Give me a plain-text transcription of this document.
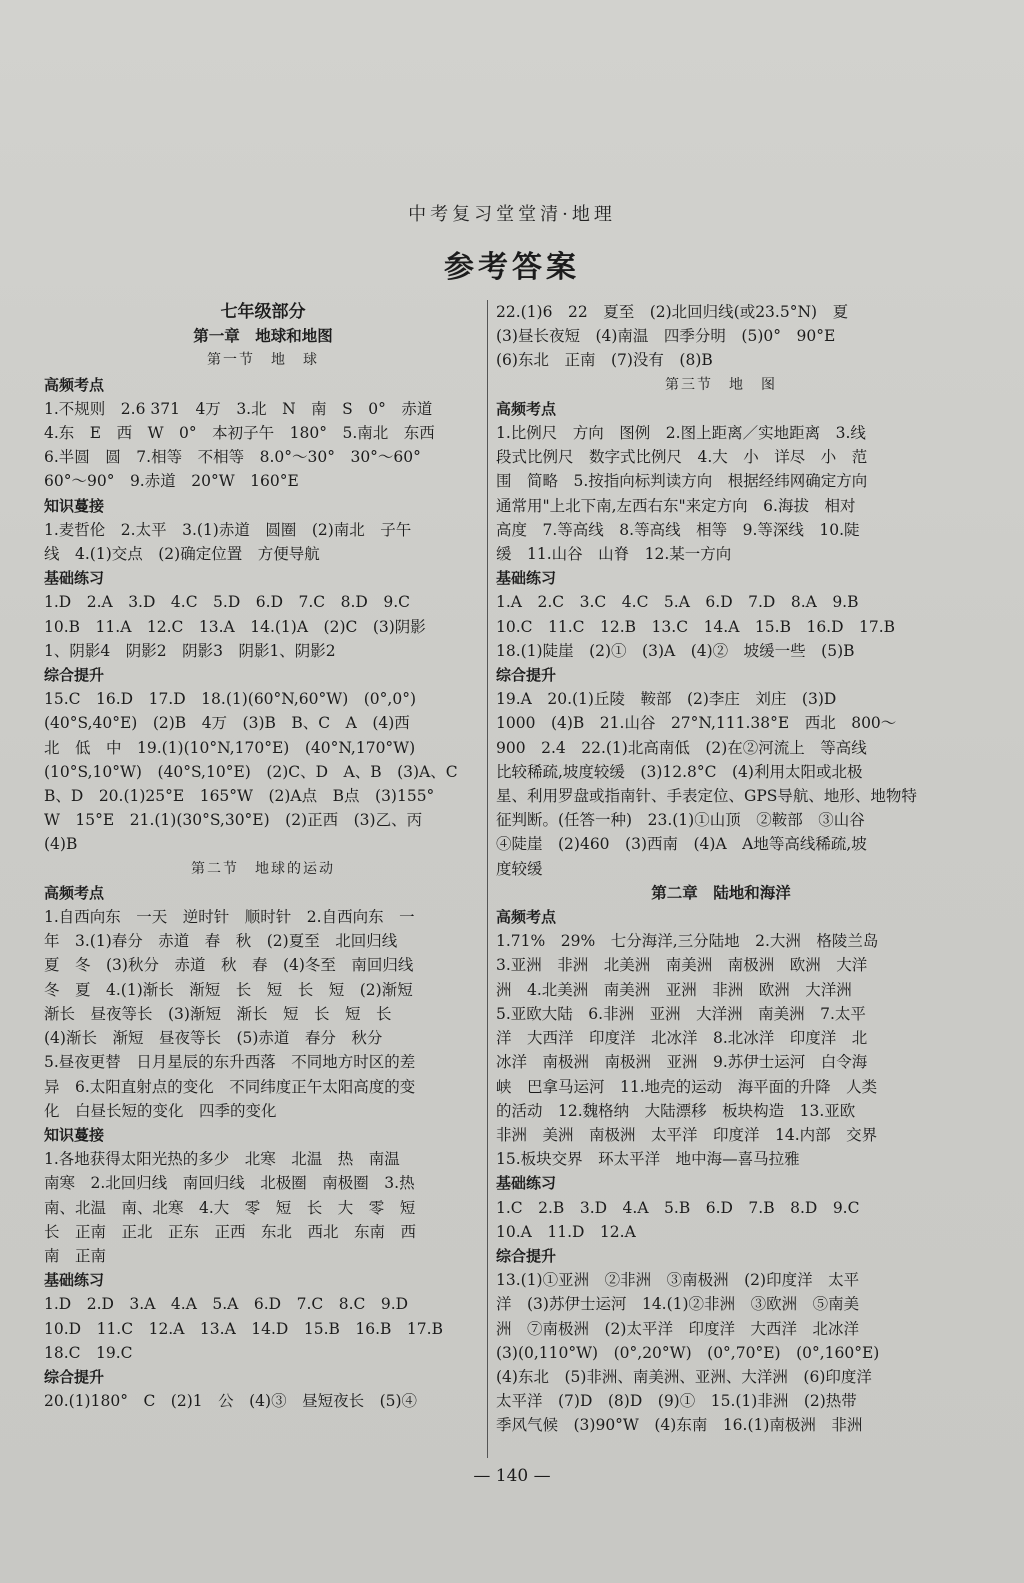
中考复习堂堂清·地理
参考答案

七年级部分

第一章　地球和地图

第一节　地　球

高频考点

1.不规则　2.6 371　4万　3.北　N　南　S　0°　赤道

4.东　E　西　W　0°　本初子午　180°　5.南北　东西

6.半圆　圆　7.相等　不相等　8.0°～30°　30°～60°

60°～90°　9.赤道　20°W　160°E

知识蔓接

1.麦哲伦　2.太平　3.(1)赤道　圆圈　(2)南北　子午

线　4.(1)交点　(2)确定位置　方便导航

基础练习

1.D　2.A　3.D　4.C　5.D　6.D　7.C　8.D　9.C

10.B　11.A　12.C　13.A　14.(1)A　(2)C　(3)阴影

1、阴影4　阴影2　阴影3　阴影1、阴影2

综合提升

15.C　16.D　17.D　18.(1)(60°N,60°W)　(0°,0°)

(40°S,40°E)　(2)B　4万　(3)B　B、C　A　(4)西

北　低　中　19.(1)(10°N,170°E)　(40°N,170°W)

(10°S,10°W)　(40°S,10°E)　(2)C、D　A、B　(3)A、C

B、D　20.(1)25°E　165°W　(2)A点　B点　(3)155°

W　15°E　21.(1)(30°S,30°E)　(2)正西　(3)乙、丙

(4)B

第二节　地球的运动

高频考点

1.自西向东　一天　逆时针　顺时针　2.自西向东　一

年　3.(1)春分　赤道　春　秋　(2)夏至　北回归线

夏　冬　(3)秋分　赤道　秋　春　(4)冬至　南回归线

冬　夏　4.(1)渐长　渐短　长　短　长　短　(2)渐短

渐长　昼夜等长　(3)渐短　渐长　短　长　短　长

(4)渐长　渐短　昼夜等长　(5)赤道　春分　秋分

5.昼夜更替　日月星辰的东升西落　不同地方时区的差

异　6.太阳直射点的变化　不同纬度正午太阳高度的变

化　白昼长短的变化　四季的变化

知识蔓接

1.各地获得太阳光热的多少　北寒　北温　热　南温

南寒　2.北回归线　南回归线　北极圈　南极圈　3.热

南、北温　南、北寒　4.大　零　短　长　大　零　短

长　正南　正北　正东　正西　东北　西北　东南　西

南　正南

基础练习

1.D　2.D　3.A　4.A　5.A　6.D　7.C　8.C　9.D

10.D　11.C　12.A　13.A　14.D　15.B　16.B　17.B

18.C　19.C

综合提升

20.(1)180°　C　(2)1　公　(4)③　昼短夜长　(5)④

22.(1)6　22　夏至　(2)北回归线(或23.5°N)　夏

(3)昼长夜短　(4)南温　四季分明　(5)0°　90°E

(6)东北　正南　(7)没有　(8)B

第三节　地　图

高频考点

1.比例尺　方向　图例　2.图上距离／实地距离　3.线

段式比例尺　数字式比例尺　4.大　小　详尽　小　范

围　简略　5.按指向标判读方向　根据经纬网确定方向

通常用"上北下南,左西右东"来定方向　6.海拔　相对

高度　7.等高线　8.等高线　相等　9.等深线　10.陡

缓　11.山谷　山脊　12.某一方向

基础练习

1.A　2.C　3.C　4.C　5.A　6.D　7.D　8.A　9.B

10.C　11.C　12.B　13.C　14.A　15.B　16.D　17.B

18.(1)陡崖　(2)①　(3)A　(4)②　坡缓一些　(5)B

综合提升

19.A　20.(1)丘陵　鞍部　(2)李庄　刘庄　(3)D

1000　(4)B　21.山谷　27°N,111.38°E　西北　800～

900　2.4　22.(1)北高南低　(2)在②河流上　等高线

比较稀疏,坡度较缓　(3)12.8°C　(4)利用太阳或北极

星、利用罗盘或指南针、手表定位、GPS导航、地形、地物特

征判断。(任答一种)　23.(1)①山顶　②鞍部　③山谷

④陡崖　(2)460　(3)西南　(4)A　A地等高线稀疏,坡

度较缓

第二章　陆地和海洋

高频考点

1.71%　29%　七分海洋,三分陆地　2.大洲　格陵兰岛

3.亚洲　非洲　北美洲　南美洲　南极洲　欧洲　大洋

洲　4.北美洲　南美洲　亚洲　非洲　欧洲　大洋洲

5.亚欧大陆　6.非洲　亚洲　大洋洲　南美洲　7.太平

洋　大西洋　印度洋　北冰洋　8.北冰洋　印度洋　北

冰洋　南极洲　南极洲　亚洲　9.苏伊士运河　白令海

峡　巴拿马运河　11.地壳的运动　海平面的升降　人类

的活动　12.魏格纳　大陆漂移　板块构造　13.亚欧

非洲　美洲　南极洲　太平洋　印度洋　14.内部　交界

15.板块交界　环太平洋　地中海—喜马拉雅

基础练习

1.C　2.B　3.D　4.A　5.B　6.D　7.B　8.D　9.C

10.A　11.D　12.A

综合提升

13.(1)①亚洲　②非洲　③南极洲　(2)印度洋　太平

洋　(3)苏伊士运河　14.(1)②非洲　③欧洲　⑤南美

洲　⑦南极洲　(2)太平洋　印度洋　大西洋　北冰洋

(3)(0,110°W)　(0°,20°W)　(0°,70°E)　(0°,160°E)

(4)东北　(5)非洲、南美洲、亚洲、大洋洲　(6)印度洋

太平洋　(7)D　(8)D　(9)①　15.(1)非洲　(2)热带

季风气候　(3)90°W　(4)东南　16.(1)南极洲　非洲

— 140 —
